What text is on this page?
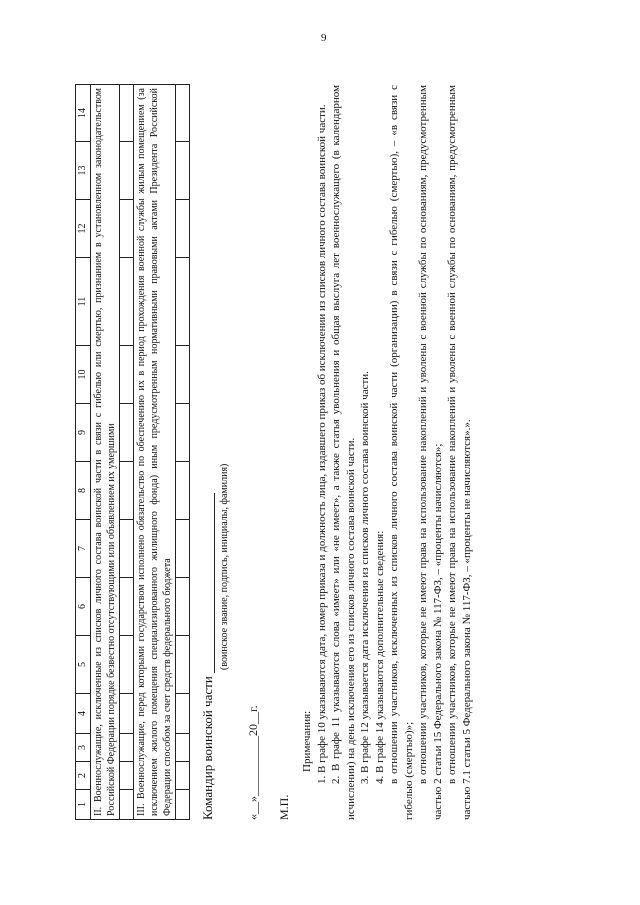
9
1	2	3	4	5	6	7	8	9	10	11	12	13	14
II. Военнослужащие, исключенные из списков личного состава воинской части в связи с гибелью или смертью, признанием в установленном законодательством Российской Федерации порядке безвестно отсутствующими или объявлением их умершими													

III. Военнослужащие, перед которыми государством исполнено обязательство по обеспечению их в период прохождения военной службы жилым помещением (за исключением жилого помещения специализированного жилищного фонда) иным предусмотренным нормативными правовыми актами Президента Российской Федерации способом за счет средств федерального бюджета													
													Командир воинской части
(воинское звание, подпись, инициалы, фамилия)
«__»__________20__г. М.П.

Примечания: 1. В графе 10 указываются дата, номер приказа и должность лица, издавшего приказ об исключении из списков личного состава воинской части. 2. В графе 11 указываются слова «имеет» или «не имеет», а также статья увольнения и общая выслуга лет военнослужащего (в календарном исчислении) на день исключения его из списков личного состава воинской части. 3. В графе 12 указывается дата исключения из списков личного состава воинской части. 4. В графе 14 указываются дополнительные сведения: в отношении участников, исключенных из списков личного состава воинской части (организации) в связи с гибелью (смертью), – «в связи с гибелью (смертью)»; в отношении участников, которые не имеют права на использование накоплений и уволены с военной службы по основаниям, предусмотренным частью 2 статьи 15 Федерального закона № 117-ФЗ, – «проценты начисляются»; в отношении участников, которые не имеют права на использование накоплений и уволены с военной службы по основаниям, предусмотренным частью 7.1 статьи 5 Федерального закона № 117-ФЗ, – «проценты не начисляются».».
